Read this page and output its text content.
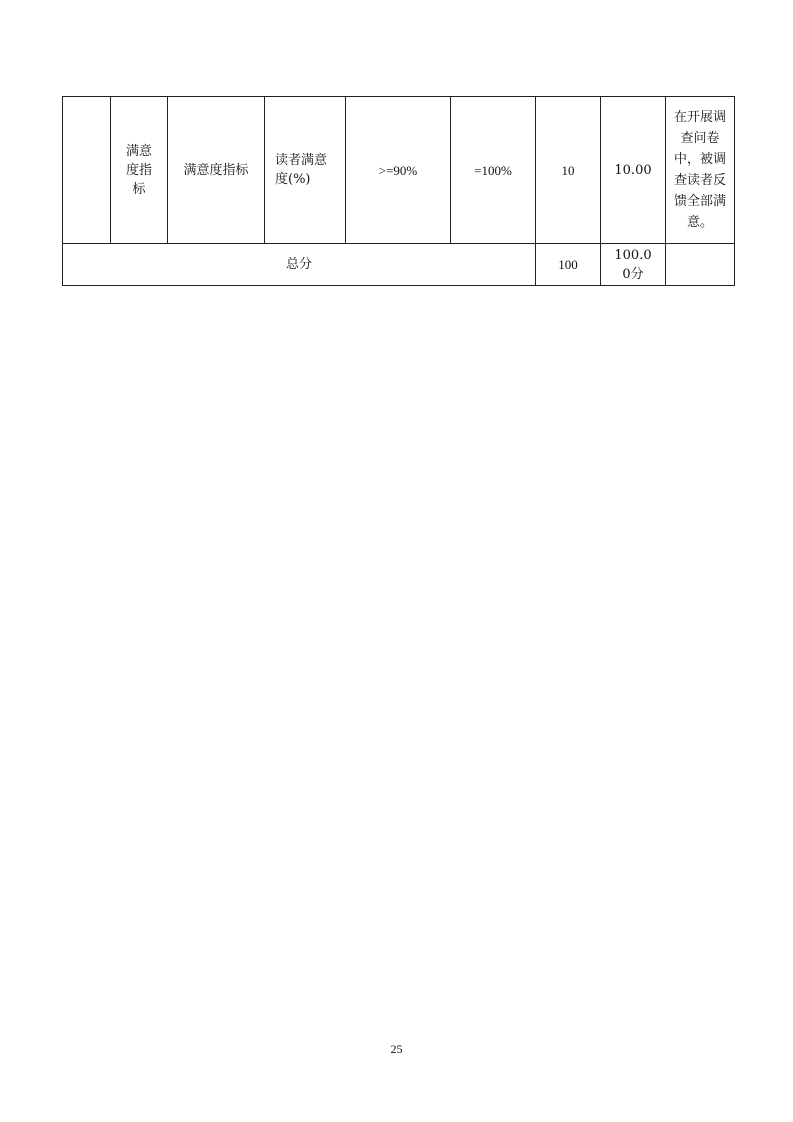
	满意度指标	满意度指标	读者满意度(%)	>=90%	=100%	10	10.00	在开展调查问卷中，被调查读者反馈全部满意。
总分						100	100.00分	
25
